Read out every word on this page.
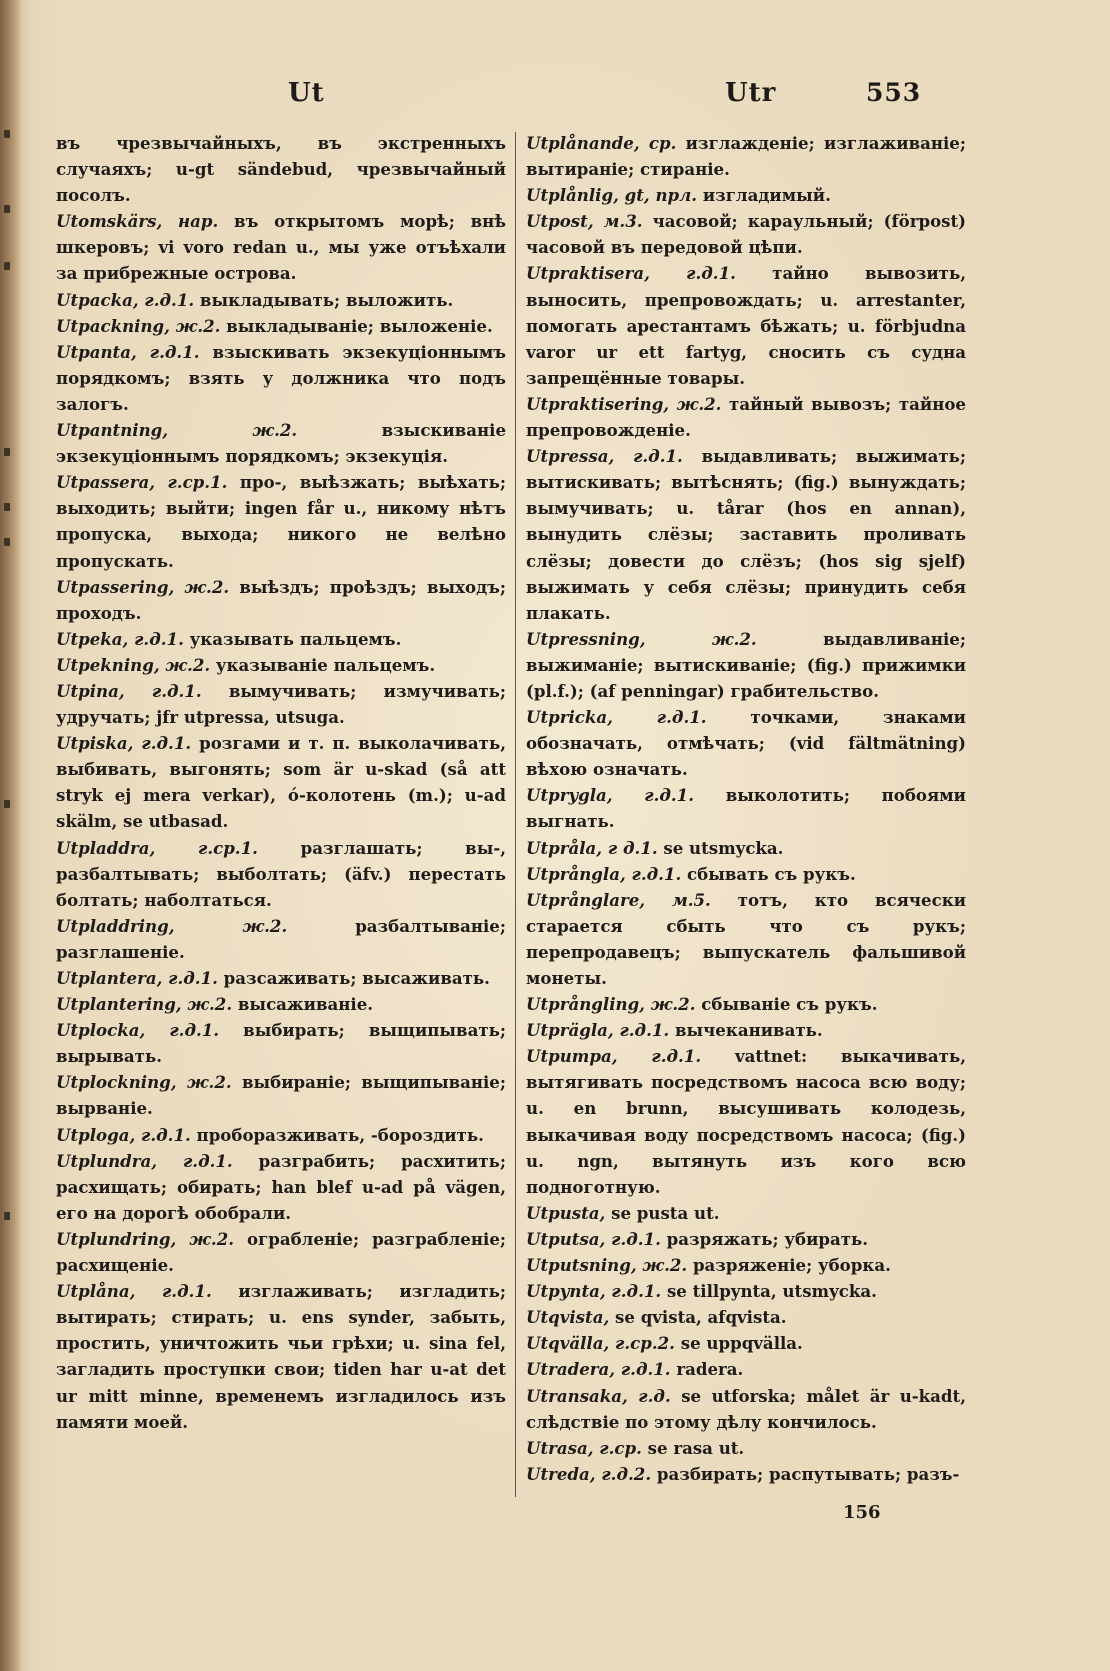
Ut	Utr	553

въ чрезвычайныхъ, въ экстренныхъ случаяхъ; u-gt sändebud, чрезвычайный посолъ.

Utomskärs, нар. въ открытомъ морѣ; внѣ шкеровъ; vi voro redan u., мы уже отъѣхали за прибрежные острова.

Utpacka, г.д.1. выкладывать; выложить.

Utpackning, ж.2. выкладываніе; выложеніе.

Utpanta, г.д.1. взыскивать экзекуціоннымъ порядкомъ; взять у должника что подъ залогъ.

Utpantning, ж.2. взыскиваніе экзекуціоннымъ порядкомъ; экзекуція.

Utpassera, г.ср.1. про-, выѣзжать; выѣхать; выходить; выйти; ingen får u., никому нѣтъ пропуска, выхода; никого не велѣно пропускать.

Utpassering, ж.2. выѣздъ; проѣздъ; выходъ; проходъ.

Utpeka, г.д.1. указывать пальцемъ.

Utpekning, ж.2. указываніе пальцемъ.

Utpina, г.д.1. вымучивать; измучивать; удручать; jfr utpressa, utsuga.

Utpiska, г.д.1. розгами и т. п. выколачивать, выбивать, выгонять; som är u-skad (så att stryk ej mera verkar), ó-колотень (m.); u-ad skälm, se utbasad.

Utpladdra, г.ср.1. разглашать; вы-, разбалтывать; выболтать; (äfv.) перестать болтать; наболтаться.

Utpladdring, ж.2. разбалтываніе; разглашеніе.

Utplantera, г.д.1. разсаживать; высаживать.

Utplantering, ж.2. высаживаніе.

Utplocka, г.д.1. выбирать; выщипывать; вырывать.

Utplockning, ж.2. выбираніе; выщипываніе; вырваніе.

Utploga, г.д.1. проборазживать, -бороздить.

Utplundra, г.д.1. разграбить; расхитить; расхищать; обирать; han blef u-ad på vägen, его на дорогѣ обобрали.

Utplundring, ж.2. ограбленіе; разграбленіе; расхищеніе.

Utplåna, г.д.1. изглаживать; изгладить; вытирать; стирать; u. ens synder, забыть, простить, уничтожить чьи грѣхи; u. sina fel, загладить проступки свои; tiden har u-at det ur mitt minne, временемъ изгладилось изъ памяти моей.

Utplånande, ср. изглажденіе; изглаживаніе; вытираніе; стираніе.

Utplånlig, gt, прл. изгладимый.

Utpost, м.3. часовой; караульный; (förpost) часовой въ передовой цѣпи.

Utpraktisera, г.д.1. тайно вывозить, выносить, препровождать; u. arrestanter, помогать арестантамъ бѣжать; u. förbjudna varor ur ett fartyg, сносить съ судна запрещённые товары.

Utpraktisering, ж.2. тайный вывозъ; тайное препровожденіе.

Utpressa, г.д.1. выдавливать; выжимать; вытискивать; вытѣснять; (fig.) вынуждать; вымучивать; u. tårar (hos en annan), вынудить слёзы; заставить проливать слёзы; довести до слёзъ; (hos sig sjelf) выжимать у себя слёзы; принудить себя плакать.

Utpressning, ж.2. выдавливаніе; выжиманіе; вытискиваніе; (fig.) прижимки (pl.f.); (af penningar) грабительство.

Utpricka, г.д.1. точками, знаками обозначать, отмѣчать; (vid fältmätning) вѣхою означать.

Utprygla, г.д.1. выколотить; побоями выгнать.

Utpråla, г д.1. se utsmycka.

Utprångla, г.д.1. сбывать съ рукъ.

Utprånglare, м.5. тотъ, кто всячески старается сбыть что съ рукъ; перепродавецъ; выпускатель фальшивой монеты.

Utprångling, ж.2. сбываніе съ рукъ.

Utprägla, г.д.1. вычеканивать.

Utpumpa, г.д.1. vattnet: выкачивать, вытягивать посредствомъ насоса всю воду; u. en brunn, высушивать колодезь, выкачивая воду посредствомъ насоса; (fig.) u. ngn, вытянуть изъ кого всю подноготную.

Utpusta, se pusta ut.

Utputsa, г.д.1. разряжать; убирать.

Utputsning, ж.2. разряженіе; уборка.

Utpynta, г.д.1. se tillpynta, utsmycka.

Utqvista, se qvista, afqvista.

Utqvälla, г.ср.2. se uppqvälla.

Utradera, г.д.1. radera.

Utransaka, г.д. se utforska; målet är u-kadt, слѣдствіе по этому дѣлу кончилось.

Utrasa, г.ср. se rasa ut.

Utreda, г.д.2. разбирать; распутывать; разъ-

156
